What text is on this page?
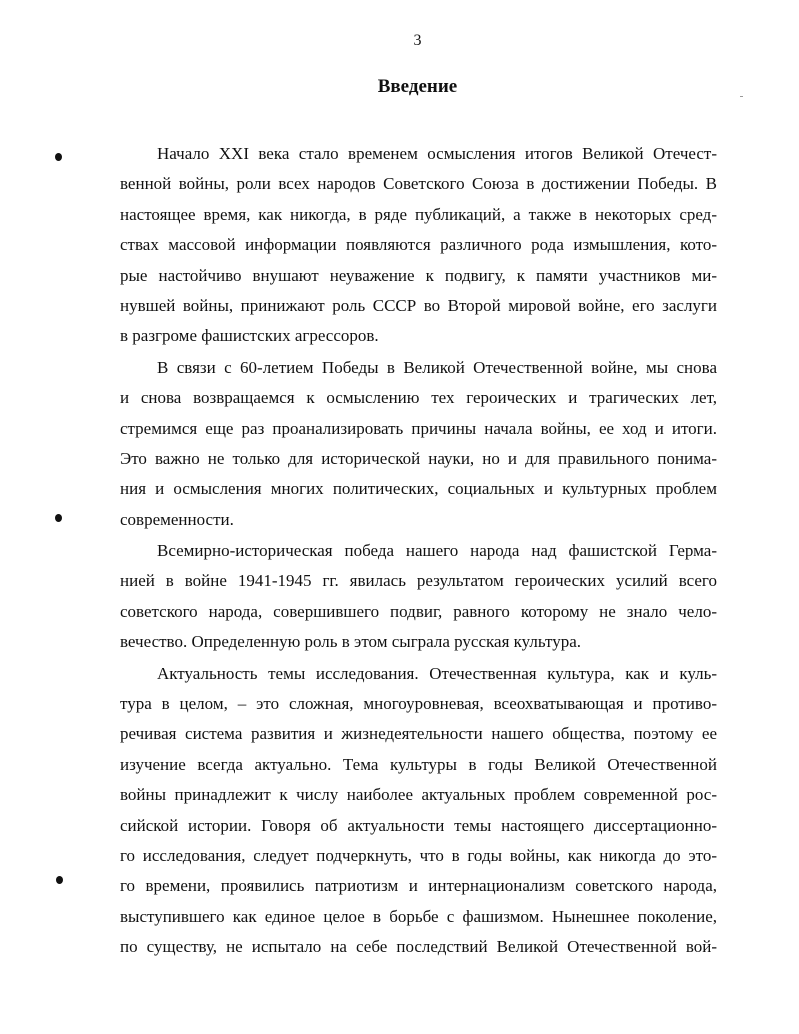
3
Введение

Начало XXI века стало временем осмысления итогов Великой Отечест-
венной войны, роли всех народов Советского Союза в достижении Победы. В
настоящее время, как никогда, в ряде публикаций, а также в некоторых сред-
ствах массовой информации появляются различного рода измышления, кото-
рые настойчиво внушают неуважение к подвигу, к памяти участников ми-
нувшей войны, принижают роль СССР во Второй мировой войне, его заслуги
в разгроме фашистских агрессоров.

В связи с 60-летием Победы в Великой Отечественной войне, мы снова
и снова возвращаемся к осмыслению тех героических и трагических лет,
стремимся еще раз проанализировать причины начала войны, ее ход и итоги.
Это важно не только для исторической науки, но и для правильного понима-
ния и осмысления многих политических, социальных и культурных проблем
современности.

Всемирно-историческая победа нашего народа над фашистской Герма-
нией в войне 1941-1945 гг. явилась результатом героических усилий всего
советского народа, совершившего подвиг, равного которому не знало чело-
вечество. Определенную роль в этом сыграла русская культура.

Актуальность темы исследования. Отечественная культура, как и куль-
тура в целом, – это сложная, многоуровневая, всеохватывающая и противо-
речивая система развития и жизнедеятельности нашего общества, поэтому ее
изучение всегда актуально. Тема культуры в годы Великой Отечественной
войны принадлежит к числу наиболее актуальных проблем современной рос-
сийской истории. Говоря об актуальности темы настоящего диссертационно-
го исследования, следует подчеркнуть, что в годы войны, как никогда до это-
го времени, проявились патриотизм и интернационализм советского народа,
выступившего как единое целое в борьбе с фашизмом. Нынешнее поколение,
по существу, не испытало на себе последствий Великой Отечественной вой-
